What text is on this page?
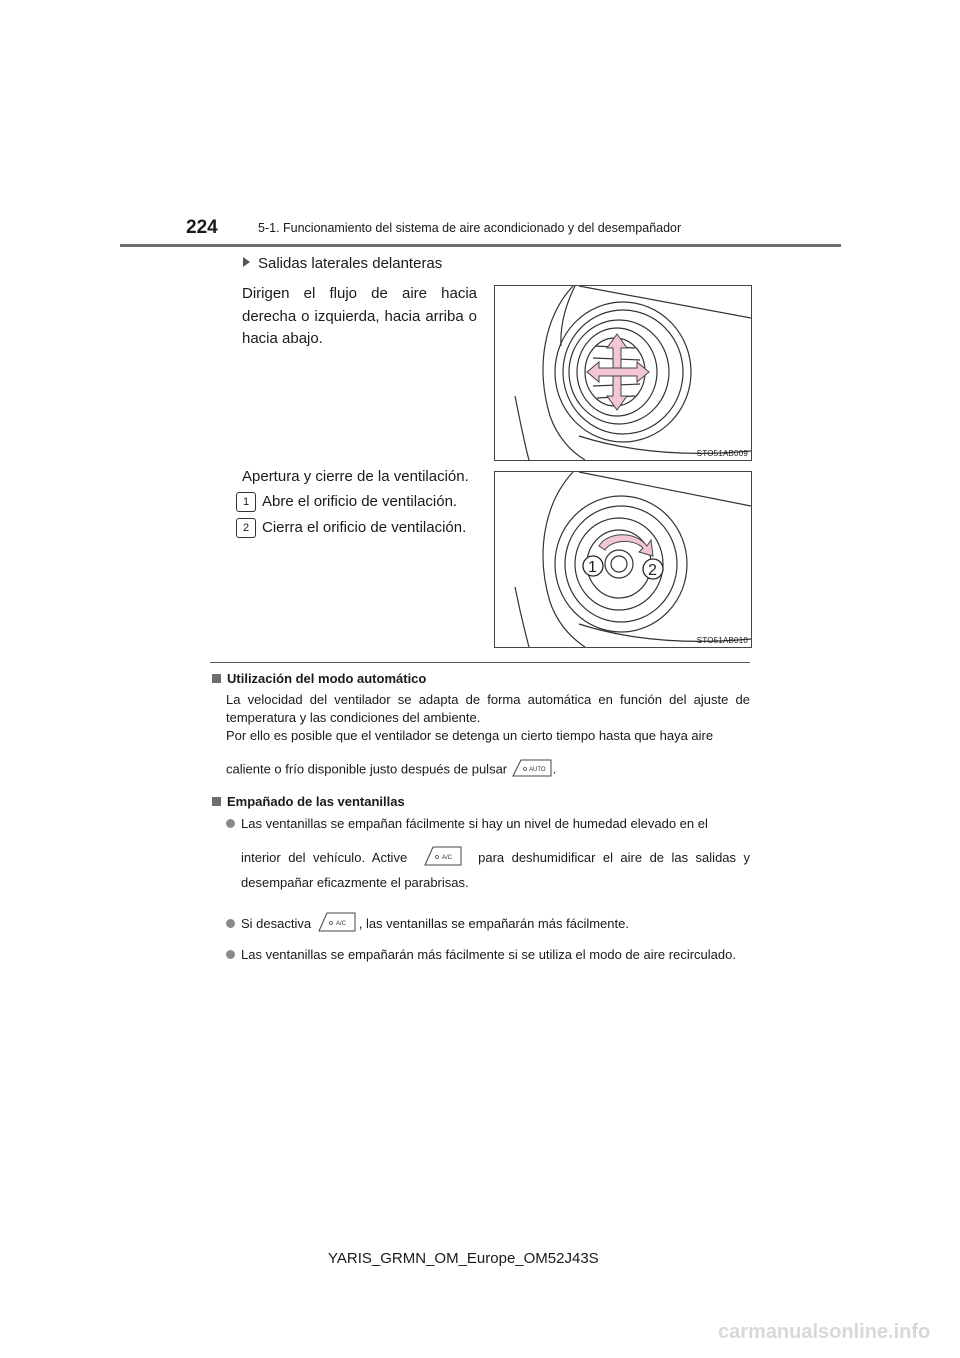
224	5-1. Funcionamiento del sistema de aire acondicionado y del desempañador
Salidas laterales delanteras
Dirigen el flujo de aire hacia derecha o izquierda, hacia arriba o hacia abajo.
STO51AB009
Apertura y cierre de la ventilación.
1 Abre el orificio de ventilación.
2 Cierra el orificio de ventilación.
1	2
STO51AB010
Utilización del modo automático
La velocidad del ventilador se adapta de forma automática en función del ajuste de temperatura y las condiciones del ambiente.
Por ello es posible que el ventilador se detenga un cierto tiempo hasta que haya aire
caliente o frío disponible justo después de pulsar	AUTO .
Empañado de las ventanillas
Las ventanillas se empañan fácilmente si hay un nivel de humedad elevado en el
interior del vehículo. Active	A/C para deshumidificar el aire de las salidas y
desempañar eficazmente el parabrisas.
Si desactiva	A/C , las ventanillas se empañarán más fácilmente.
Las ventanillas se empañarán más fácilmente si se utiliza el modo de aire recirculado.
YARIS_GRMN_OM_Europe_OM52J43S
carmanualsonline.info
